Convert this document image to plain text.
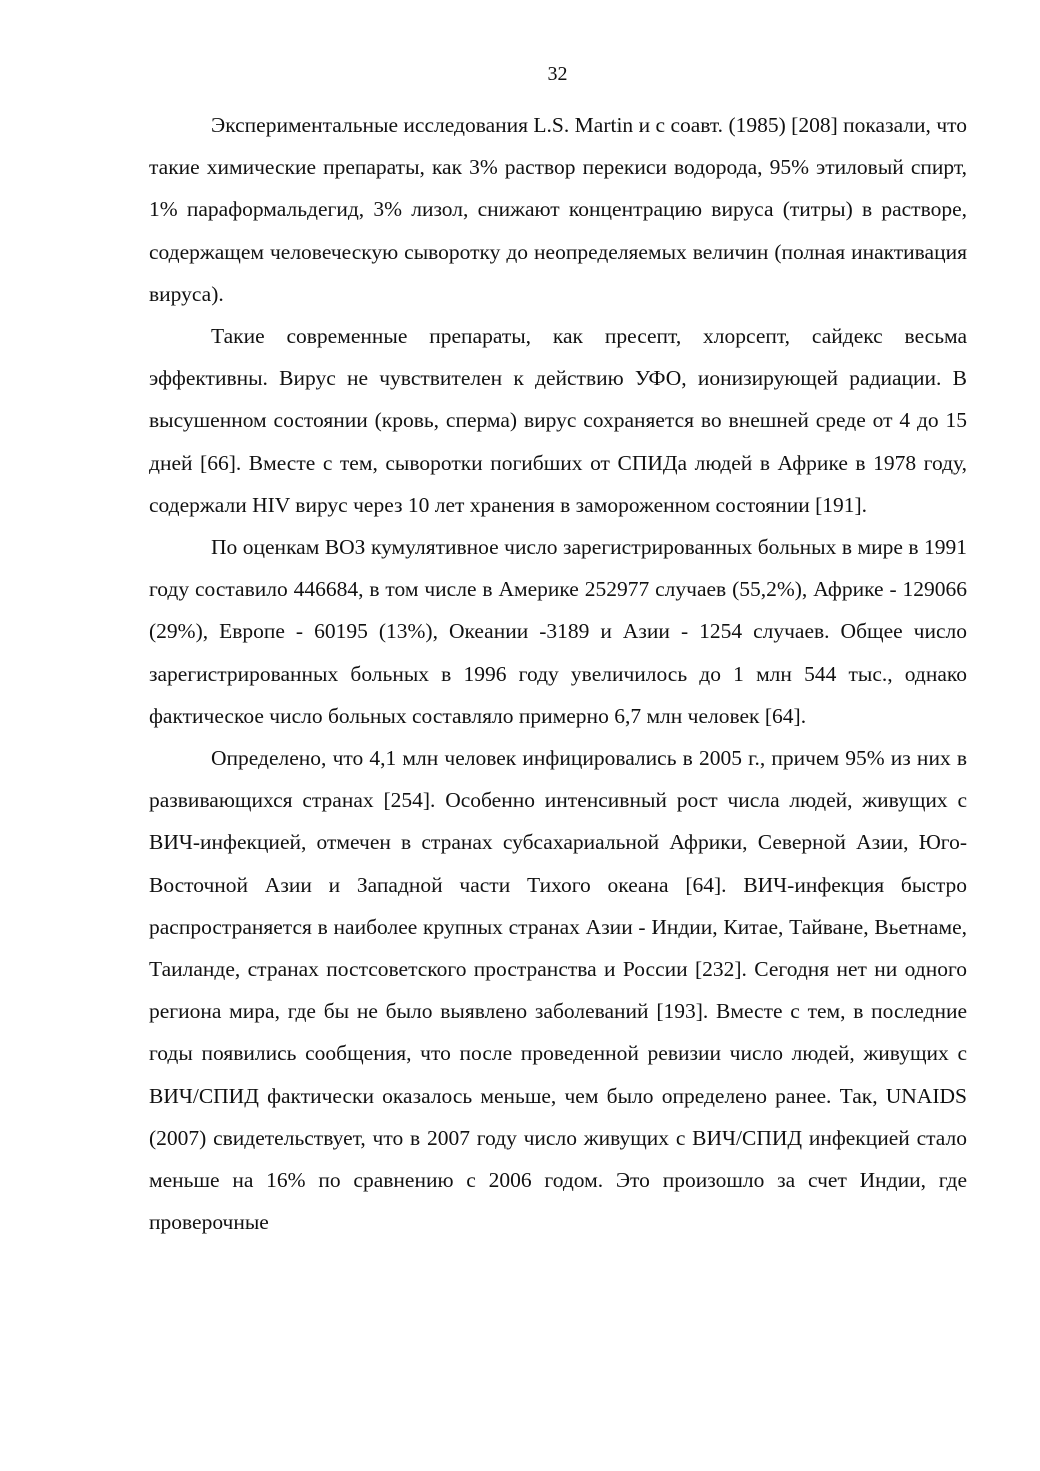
32

Экспериментальные исследования L.S. Martin и с соавт. (1985) [208] показали, что такие химические препараты, как 3% раствор перекиси водорода, 95% этиловый спирт, 1% параформальдегид, 3% лизол, снижают концентрацию вируса (титры) в растворе, содержащем человеческую сыворотку до неопределяемых величин (полная инактивация вируса).

Такие современные препараты, как пресепт, хлорсепт, сайдекс весьма эффективны. Вирус не чувствителен к действию УФО, ионизирующей радиации. В высушенном состоянии (кровь, сперма) вирус сохраняется во внешней среде от 4 до 15 дней [66]. Вместе с тем, сыворотки погибших от СПИДа людей в Африке в 1978 году, содержали HIV вирус через 10 лет хранения в замороженном состоянии [191].

По оценкам ВОЗ кумулятивное число зарегистрированных больных в мире в 1991 году составило 446684, в том числе в Америке 252977 случаев (55,2%), Африке - 129066 (29%), Европе - 60195 (13%), Океании -3189 и Азии - 1254 случаев. Общее число зарегистрированных больных в 1996 году увеличилось до 1 млн 544 тыс., однако фактическое число больных составляло примерно 6,7 млн человек [64].

Определено, что 4,1 млн человек инфицировались в 2005 г., причем 95% из них в развивающихся странах [254]. Особенно интенсивный рост числа людей, живущих с ВИЧ-инфекцией, отмечен в странах субсахариальной Африки, Северной Азии, Юго-Восточной Азии и Западной части Тихого океана [64]. ВИЧ-инфекция быстро распространяется в наиболее крупных странах Азии - Индии, Китае, Тайване, Вьетнаме, Таиланде, странах постсоветского пространства и России [232]. Сегодня нет ни одного региона мира, где бы не было выявлено заболеваний [193]. Вместе с тем, в последние годы появились сообщения, что после проведенной ревизии число людей, живущих с ВИЧ/СПИД фактически оказалось меньше, чем было определено ранее. Так, UNAIDS (2007) свидетельствует, что в 2007 году число живущих с ВИЧ/СПИД инфекцией стало меньше на 16% по сравнению с 2006 годом. Это произошло за счет Индии, где проверочные
